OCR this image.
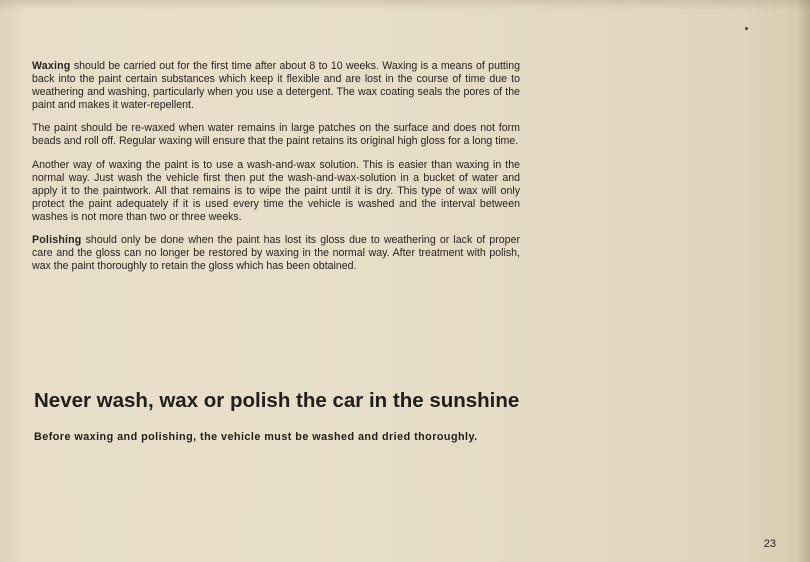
Waxing should be carried out for the first time after about 8 to 10 weeks. Waxing is a means of putting back into the paint certain substances which keep it flexible and are lost in the course of time due to weathering and washing, particularly when you use a detergent. The wax coating seals the pores of the paint and makes it water-repellent.

The paint should be re-waxed when water remains in large patches on the surface and does not form beads and roll off. Regular waxing will ensure that the paint retains its original high gloss for a long time.

Another way of waxing the paint is to use a wash-and-wax solution. This is easier than waxing in the normal way. Just wash the vehicle first then put the wash-and-wax-solution in a bucket of water and apply it to the paintwork. All that remains is to wipe the paint until it is dry. This type of wax will only protect the paint adequately if it is used every time the vehicle is washed and the interval between washes is not more than two or three weeks.

Polishing should only be done when the paint has lost its gloss due to weathering or lack of proper care and the gloss can no longer be restored by waxing in the normal way. After treatment with polish, wax the paint thoroughly to retain the gloss which has been obtained.

Never wash, wax or polish the car in the sunshine
Before waxing and polishing, the vehicle must be washed and dried thoroughly.
23
